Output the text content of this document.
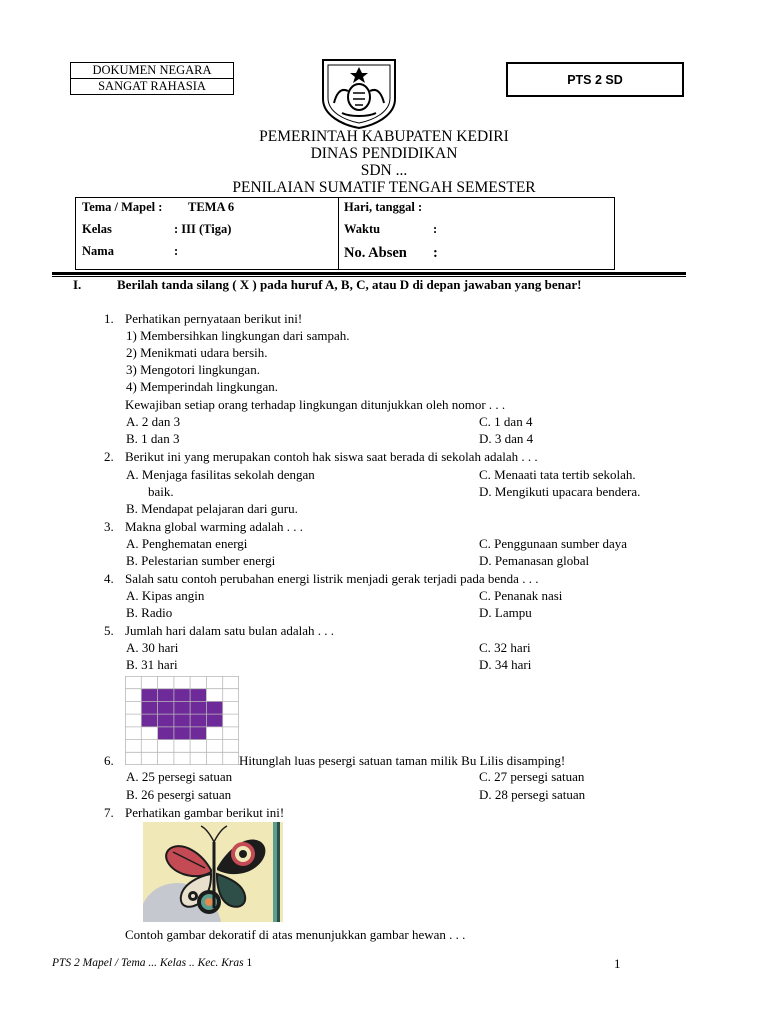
DOKUMEN NEGARA
SANGAT RAHASIA	PTS 2 SD
PEMERINTAH KABUPATEN KEDIRI
DINAS PENDIDIKAN
SDN ...
PENILAIAN SUMATIF TENGAH SEMESTER
Tema / Mapel : TEMA 6
Kelas	: III (Tiga)
Nama	:
Hari, tanggal :
Waktu	:
No. Absen :
I.	Berilah tanda silang ( X ) pada huruf A, B, C, atau D di depan jawaban yang benar!
1. Perhatikan pernyataan berikut ini!
1) Membersihkan lingkungan dari sampah.
2) Menikmati udara bersih.
3) Mengotori lingkungan.
4) Memperindah lingkungan.
Kewajiban setiap orang terhadap lingkungan ditunjukkan oleh nomor . . .
A. 2 dan 3
B. 1 dan 3
C. 1 dan 4
D. 3 dan 4
2. Berikut ini yang merupakan contoh hak siswa saat berada di sekolah adalah . . .
A. Menjaga fasilitas sekolah dengan
baik.
B. Mendapat pelajaran dari guru.
C. Menaati tata tertib sekolah.
D. Mengikuti upacara bendera.
3. Makna global warming adalah . . .
A. Penghematan energi
B. Pelestarian sumber energi
C. Penggunaan sumber daya
D. Pemanasan global
4. Salah satu contoh perubahan energi listrik menjadi gerak terjadi pada benda . . .
A. Kipas angin
B. Radio
C. Penanak nasi
D. Lampu
5. Jumlah hari dalam satu bulan adalah . . .
A. 30 hari
B. 31 hari
C. 32 hari
D. 34 hari
6.	Hitunglah luas pesergi satuan taman milik Bu Lilis disamping!
A. 25 persegi satuan
B. 26 pesergi satuan
C. 27 persegi satuan
D. 28 persegi satuan
7. Perhatikan gambar berikut ini!
Contoh gambar dekoratif di atas menunjukkan gambar hewan . . .
PTS 2 Mapel / Tema ... Kelas .. Kec. Kras 1	1
